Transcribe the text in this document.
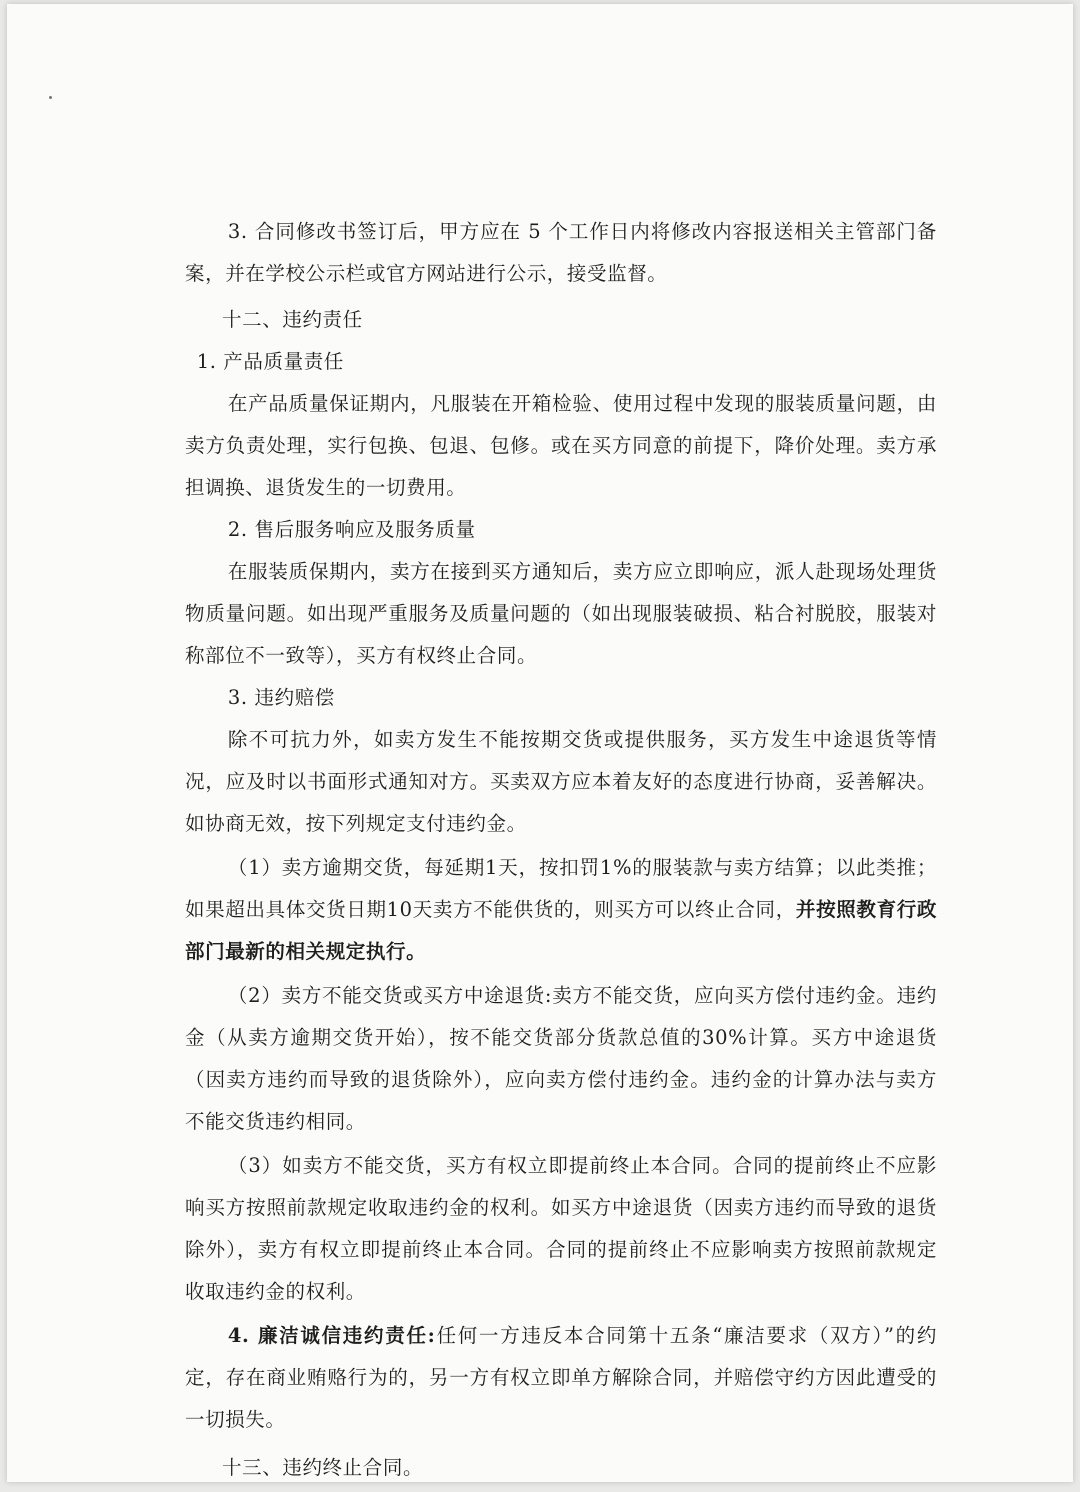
3. 合同修改书签订后，甲方应在 5 个工作日内将修改内容报送相关主管部门备案，并在学校公示栏或官方网站进行公示，接受监督。

十二、违约责任

1. 产品质量责任

在产品质量保证期内，凡服装在开箱检验、使用过程中发现的服装质量问题，由卖方负责处理，实行包换、包退、包修。或在买方同意的前提下，降价处理。卖方承担调换、退货发生的一切费用。

2. 售后服务响应及服务质量

在服装质保期内，卖方在接到买方通知后，卖方应立即响应，派人赴现场处理货物质量问题。如出现严重服务及质量问题的（如出现服装破损、粘合衬脱胶，服装对称部位不一致等），买方有权终止合同。

3. 违约赔偿

除不可抗力外，如卖方发生不能按期交货或提供服务，买方发生中途退货等情况，应及时以书面形式通知对方。买卖双方应本着友好的态度进行协商，妥善解决。如协商无效，按下列规定支付违约金。

（1）卖方逾期交货，每延期1天，按扣罚1%的服装款与卖方结算；以此类推；如果超出具体交货日期10天卖方不能供货的，则买方可以终止合同，并按照教育行政部门最新的相关规定执行。

（2）卖方不能交货或买方中途退货:卖方不能交货，应向买方偿付违约金。违约金（从卖方逾期交货开始），按不能交货部分货款总值的30%计算。买方中途退货（因卖方违约而导致的退货除外），应向卖方偿付违约金。违约金的计算办法与卖方不能交货违约相同。

（3）如卖方不能交货，买方有权立即提前终止本合同。合同的提前终止不应影响买方按照前款规定收取违约金的权利。如买方中途退货（因卖方违约而导致的退货除外），卖方有权立即提前终止本合同。合同的提前终止不应影响卖方按照前款规定收取违约金的权利。

4. 廉洁诚信违约责任:任何一方违反本合同第十五条“廉洁要求（双方）”的约定，存在商业贿赂行为的，另一方有权立即单方解除合同，并赔偿守约方因此遭受的一切损失。

十三、违约终止合同。
